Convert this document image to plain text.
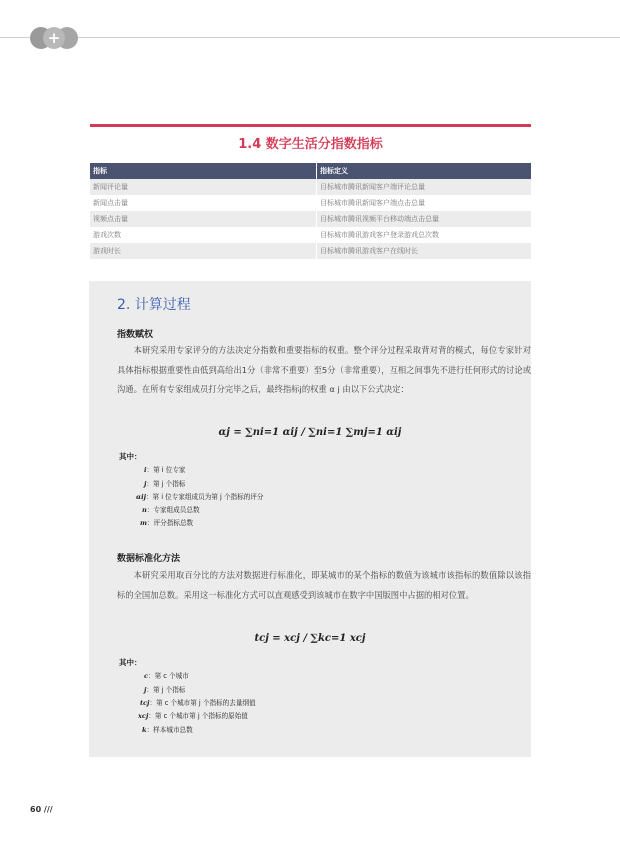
+
1.4 数字生活分指数指标
指标	指标定义
新闻评论量	目标城市腾讯新闻客户端评论总量
新闻点击量	目标城市腾讯新闻客户端点击总量
视频点击量	目标城市腾讯视频平台移动端点击总量
游戏次数	目标城市腾讯游戏客户登录游戏总次数
游戏时长	目标城市腾讯游戏客户在线时长
2. 计算过程
指数赋权
本研究采用专家评分的方法决定分指数和重要指标的权重。整个评分过程采取背对背的模式，每位专家针对具体指标根据重要性由低到高给出1分（非常不重要）至5分（非常重要），互相之间事先不进行任何形式的讨论或沟通。在所有专家组成员打分完毕之后，最终指标j的权重 α j 由以下公式决定：
αj = ∑ni=1 αij / ∑ni=1 ∑mj=1 αij
其中：
i：第 i 位专家
j：第 j 个指标
αij：第 i 位专家组成员为第 j 个指标的评分
n：专家组成员总数
m：评分指标总数
数据标准化方法
本研究采用取百分比的方法对数据进行标准化，即某城市的某个指标的数值为该城市该指标的数值除以该指标的全国加总数。采用这一标准化方式可以直观感受到该城市在数字中国版图中占据的相对位置。
tcj = xcj / ∑kc=1 xcj
其中：
c：第 c 个城市
j：第 j 个指标
tcj：第 c 个城市第 j 个指标的去量纲值
xcj：第 c 个城市第 j 个指标的原始值
k：样本城市总数
60 ///
